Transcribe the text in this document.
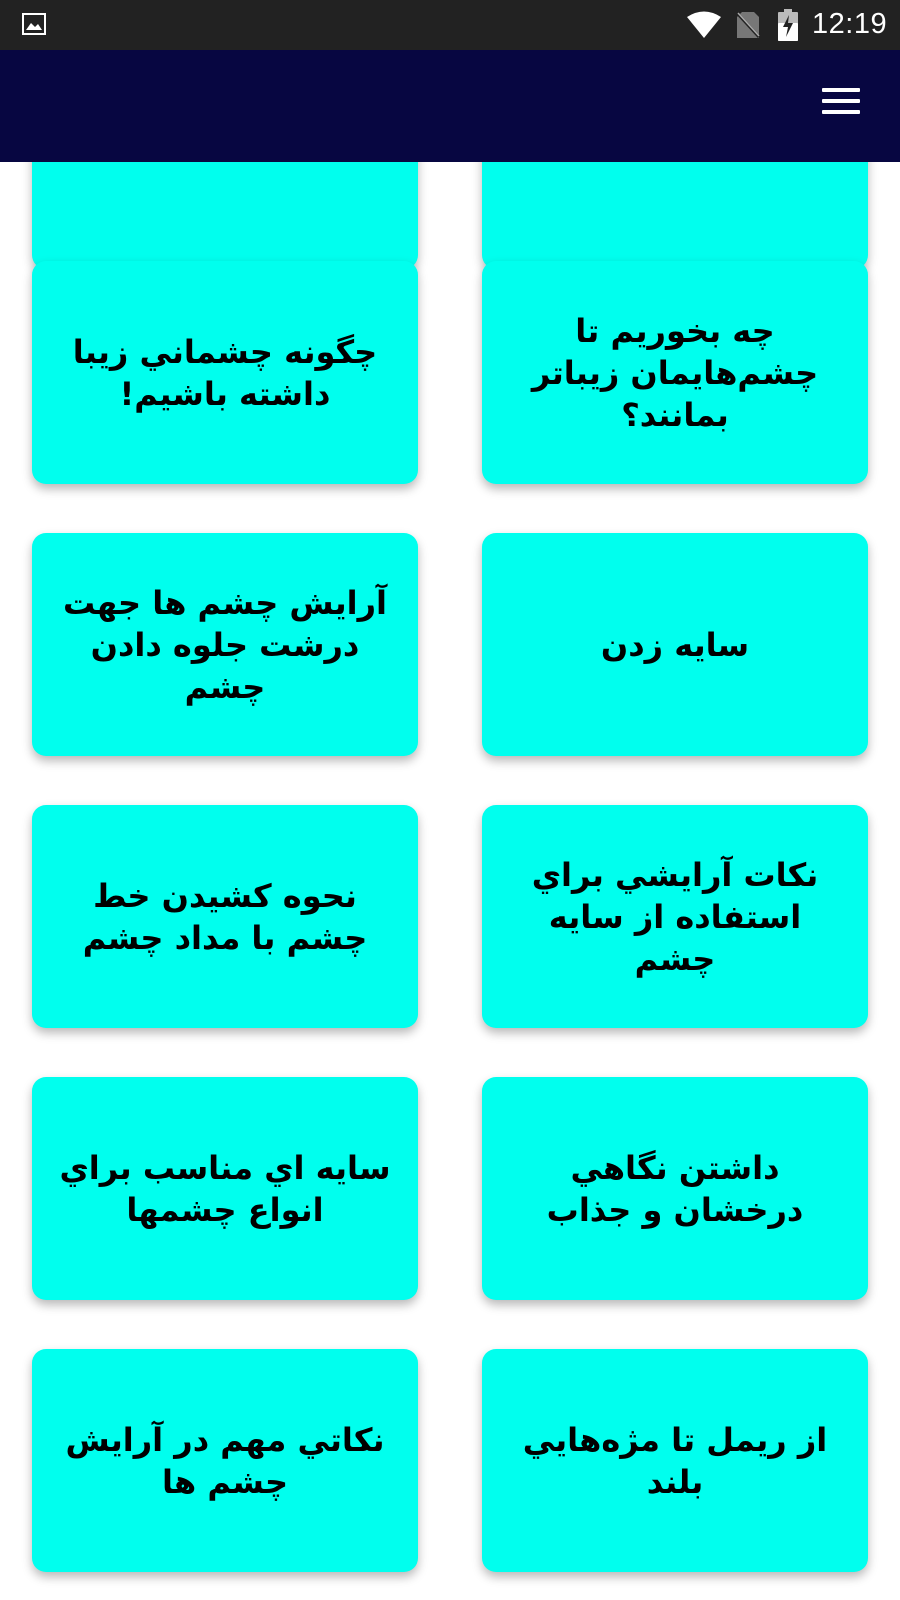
12:19
چگونه چشماني زيبا داشته باشيم!
چه بخوريم تا چشم‌هايمان زيباتر بمانند؟
آرايش چشم ها جهت درشت جلوه دادن چشم
سايه زدن
نحوه كشيدن خط چشم با مداد چشم
نكات آرايشي براي استفاده از سايه چشم
سايه اي مناسب براي انواع چشمها
داشتن نگاهي درخشان و جذاب
نكاتي مهم در آرايش چشم ها
از ريمل تا مژه‌هايي بلند
